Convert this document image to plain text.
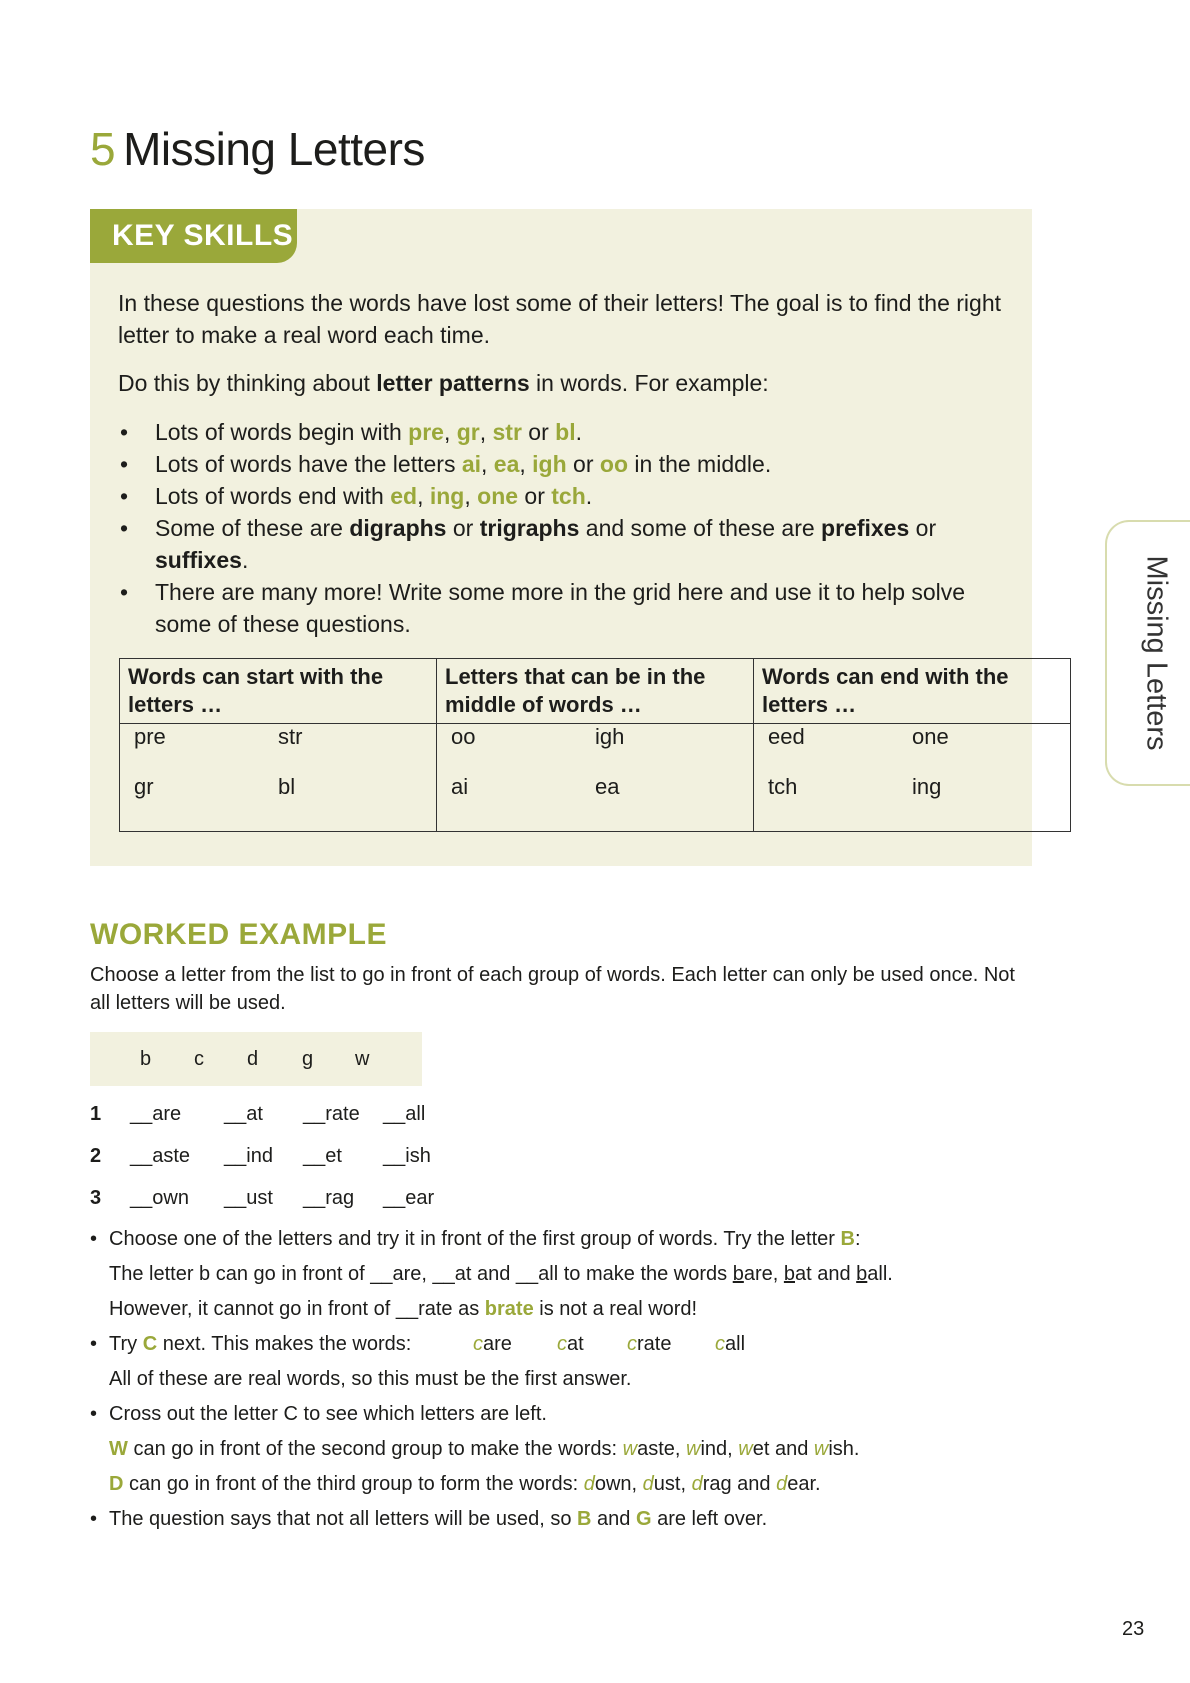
5 Missing Letters
KEY SKILLS

In these questions the words have lost some of their letters! The goal is to find the right letter to make a real word each time.

Do this by thinking about letter patterns in words. For example:

• Lots of words begin with pre, gr, str or bl.
• Lots of words have the letters ai, ea, igh or oo in the middle.
• Lots of words end with ed, ing, one or tch.
• Some of these are digraphs or trigraphs and some of these are prefixes or suffixes.
• There are many more! Write some more in the grid here and use it to help solve some of these questions.
Words can start with the letters …	Letters that can be in the middle of words …	Words can end with the letters …

pre str	oo igh	eed one

gr bl	ai ea	tch ing
Missing Letters
WORKED EXAMPLE

Choose a letter from the list to go in front of each group of words. Each letter can only be used once. Not all letters will be used.

b c d g w
1 __are __at __rate __all
2 __aste __ind __et __ish
3 __own __ust __rag __ear
• Choose one of the letters and try it in front of the first group of words. Try the letter B:
The letter b can go in front of __are, __at and __all to make the words bare, bat and ball.
However, it cannot go in front of __rate as brate is not a real word!
• Try C next. This makes the words:	care cat crate call
All of these are real words, so this must be the first answer.
• Cross out the letter C to see which letters are left.
W can go in front of the second group to make the words: waste, wind, wet and wish.
D can go in front of the third group to form the words: down, dust, drag and dear.
• The question says that not all letters will be used, so B and G are left over.
23
